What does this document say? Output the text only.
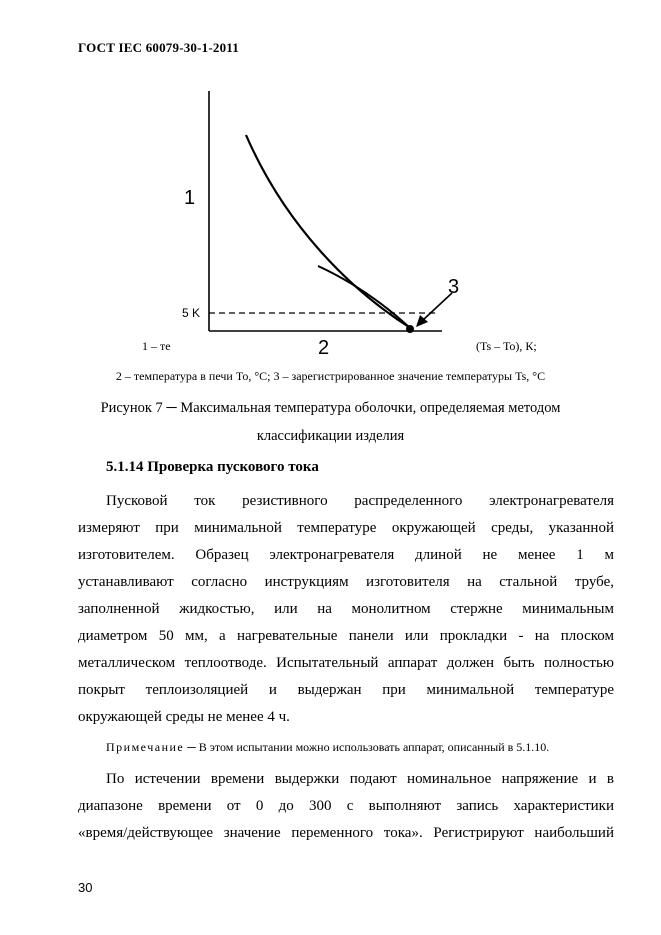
ГОСТ IEC 60079-30-1-2011
1
2
3
5 K
1 – те	(Ts – To), К;
2 – температура в печи To, °C; 3 – зарегистрированное значение температуры Ts, °C
Рисунок 7 ─ Максимальная температура оболочки, определяемая методом
классификации изделия
5.1.14 Проверка пускового тока
Пусковой ток резистивного распределенного электронагревателя
измеряют при минимальной температуре окружающей среды, указанной
изготовителем. Образец электронагревателя длиной не менее 1 м
устанавливают согласно инструкциям изготовителя на стальной трубе,
заполненной жидкостью, или на монолитном стержне минимальным
диаметром 50 мм, а нагревательные панели или прокладки - на плоском
металлическом теплоотводе. Испытательный аппарат должен быть полностью
покрыт теплоизоляцией и выдержан при минимальной температуре
окружающей среды не менее 4 ч.
Примечание ─ В этом испытании можно использовать аппарат, описанный в 5.1.10.
По истечении времени выдержки подают номинальное напряжение и в
диапазоне времени от 0 до 300 с выполняют запись характеристики
«время/действующее значение переменного тока». Регистрируют наибольший
30
